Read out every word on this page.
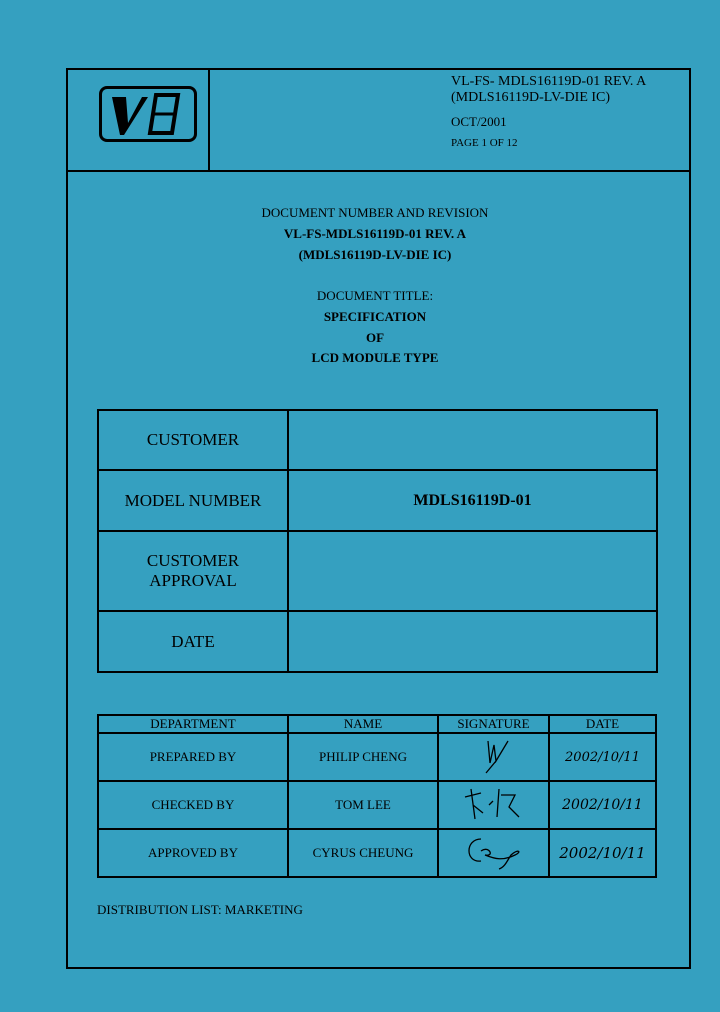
VL-FS- MDLS16119D-01 REV. A
(MDLS16119D-LV-DIE IC)
OCT/2001
PAGE 1 OF 12
DOCUMENT NUMBER AND REVISION
VL-FS-MDLS16119D-01 REV. A
(MDLS16119D-LV-DIE IC)
DOCUMENT TITLE:
SPECIFICATION
OF
LCD MODULE TYPE
CUSTOMER	
MODEL NUMBER	MDLS16119D-01
CUSTOMER APPROVAL	
DATE	
DEPARTMENT	NAME	SIGNATURE	DATE
PREPARED BY	PHILIP CHENG		2002/10/11
CHECKED BY	TOM LEE		2002/10/11
APPROVED BY	CYRUS CHEUNG		2002/10/11
DISTRIBUTION LIST: MARKETING
